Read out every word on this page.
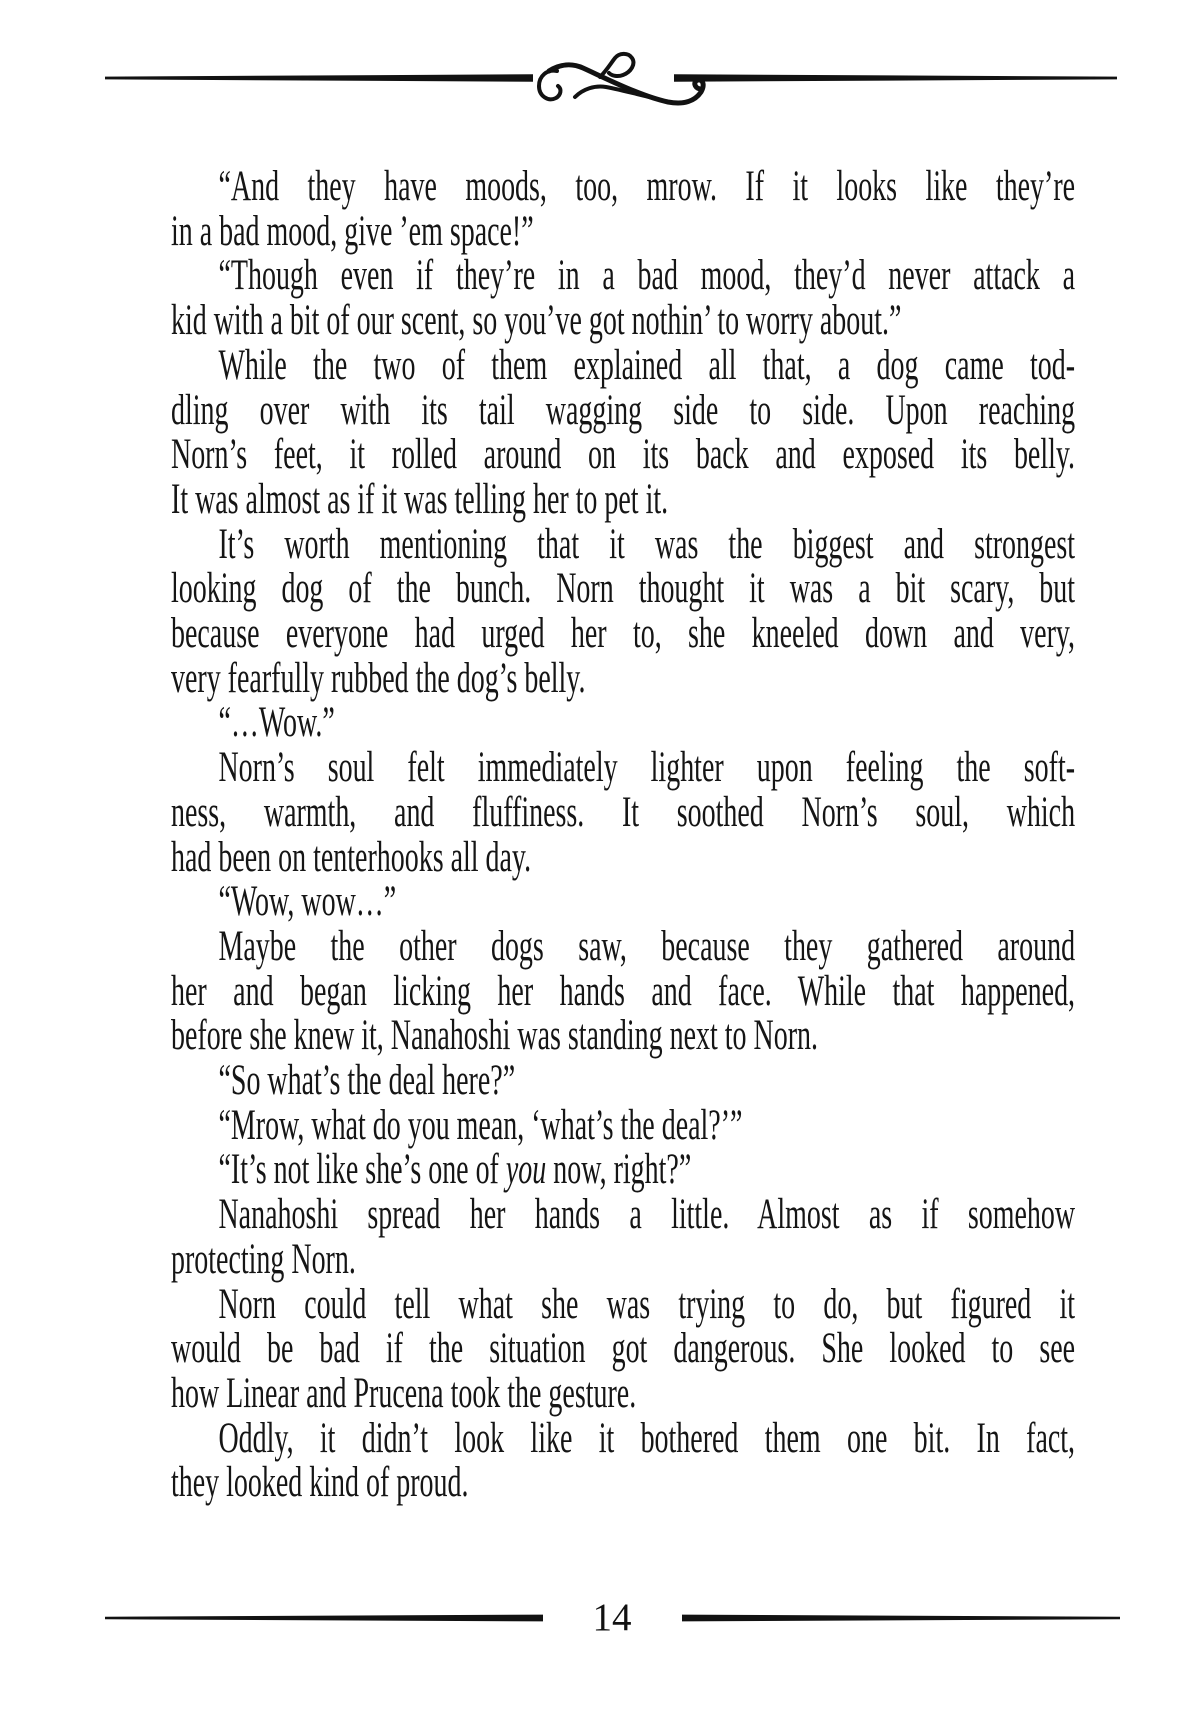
“And they have moods, too, mrow. If it looks like they’re
in a bad mood, give ’em space!”
“Though even if they’re in a bad mood, they’d never attack a
kid with a bit of our scent, so you’ve got nothin’ to worry about.”
While the two of them explained all that, a dog came tod-
dling over with its tail wagging side to side. Upon reaching
Norn’s feet, it rolled around on its back and exposed its belly.
It was almost as if it was telling her to pet it.
It’s worth mentioning that it was the biggest and strongest
looking dog of the bunch. Norn thought it was a bit scary, but
because everyone had urged her to, she kneeled down and very,
very fearfully rubbed the dog’s belly.
“…Wow.”
Norn’s soul felt immediately lighter upon feeling the soft-
ness, warmth, and fluffiness. It soothed Norn’s soul, which
had been on tenterhooks all day.
“Wow, wow…”
Maybe the other dogs saw, because they gathered around
her and began licking her hands and face. While that happened,
before she knew it, Nanahoshi was standing next to Norn.
“So what’s the deal here?”
“Mrow, what do you mean, ‘what’s the deal?’”
“It’s not like she’s one of you now, right?”
Nanahoshi spread her hands a little. Almost as if somehow
protecting Norn.
Norn could tell what she was trying to do, but figured it
would be bad if the situation got dangerous. She looked to see
how Linear and Prucena took the gesture.
Oddly, it didn’t look like it bothered them one bit. In fact,
they looked kind of proud.
14
